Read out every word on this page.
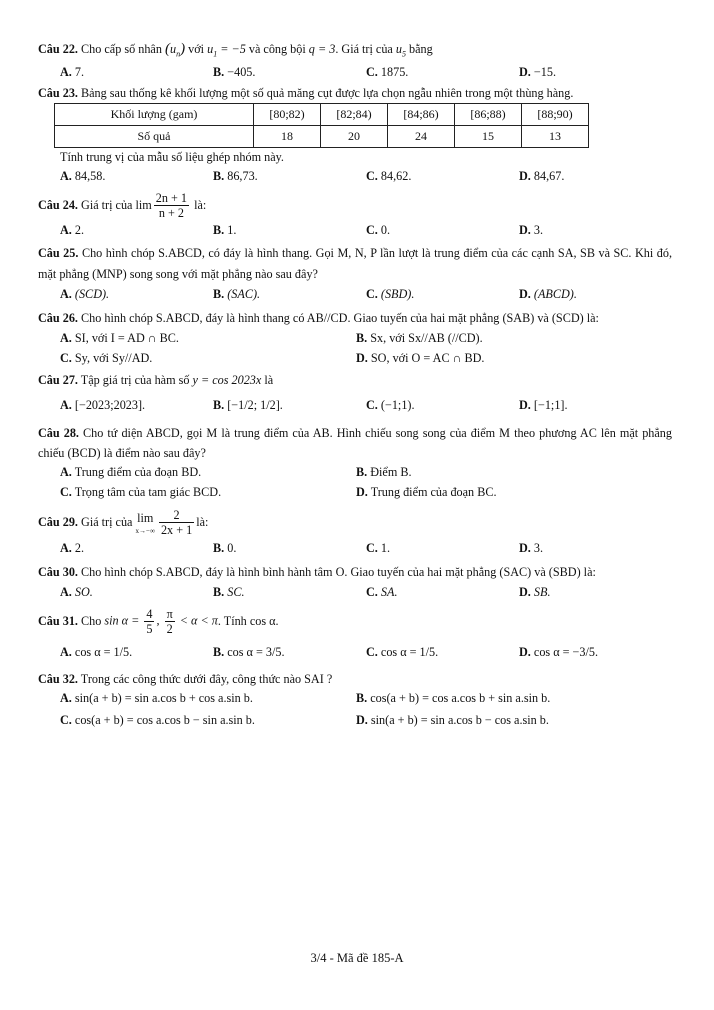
Câu 22. Cho cấp số nhân $(u_n)$ với $u_1 = -5$ và công bội q = 3. Giá trị của $u_5$ bằng
A. 7.	B. −405.	C. 1875.	D. −15.
Câu 23. Bảng sau thống kê khối lượng một số quả măng cụt được lựa chọn ngẫu nhiên trong một thùng hàng.
Khối lượng (gam)	[80;82)	[82;84)	[84;86)	[86;88)	[88;90)
Số quả	18	20	24	15	13
Tính trung vị của mẫu số liệu ghép nhóm này.
A. 84,58.	B. 86,73.	C. 84,62.	D. 84,67.
Câu 24.
Giá trị của
$\lim \frac{2n + 1}{n + 2}$
là:
A. 2.	B. 1.	C. 0.	D. 3.
Câu 25. Cho hình chóp S.ABCD, có đáy là hình thang. Gọi M, N, P lần lượt là trung điểm của các cạnh SA, SB và SC. Khi đó, mặt phẳng (MNP) song song với mặt phẳng nào sau đây?
A. (SCD).	B. (SAC).	C. (SBD).	D. (ABCD).
Câu 26. Cho hình chóp S.ABCD, đáy là hình thang có AB//CD. Giao tuyến của hai mặt phẳng (SAB) và (SCD) là:
A. SI, với I = AD ∩ BC.	B. Sx, với Sx//AB (//CD).
C. Sy, với Sy//AD.	D. SO, với O = AC ∩ BD.
Câu 27. Tập giá trị của hàm số y = cos 2023x là
A. [−2023;2023].	B. [−1/2; 1/2].	C. (−1;1).	D. [−1;1].
Câu 28. Cho tứ diện ABCD, gọi M là trung điểm của AB. Hình chiếu song song của điểm M theo phương AC lên mặt phẳng chiếu (BCD) là điểm nào sau đây?
A. Trung điểm của đoạn BD.	B. Điểm B.
C. Trọng tâm của tam giác BCD.	D. Trung điểm của đoạn BC.
Câu 29.
Giá trị của
lim
$x\to-\infty \frac{2}{2x + 1}$ là:
A. 2.	B. 0.	C. 1.	D. 3.
Câu 30. Cho hình chóp S.ABCD, đáy là hình bình hành tâm O. Giao tuyến của hai mặt phẳng (SAC) và (SBD) là:
A. SO.	B. SC.	C. SA.	D. SB.
Câu 31.
Cho
$\sin \alpha = \frac{4}{5}$ , $\frac{\pi}{2} < \alpha < \pi$ . Tính cos α.
A. cos α = 1/5.	B. cos α = 3/5.	C. cos α = 1/5.	D. cos α = −3/5.
Câu 32. Trong các công thức dưới đây, công thức nào SAI ?
A. sin(a + b) = sin a.cos b + cos a.sin b.	B. cos(a + b) = cos a.cos b + sin a.sin b.
C. cos(a + b) = cos a.cos b − sin a.sin b.	D. sin(a + b) = sin a.cos b − cos a.sin b.
3/4 - Mã đề 185-A
